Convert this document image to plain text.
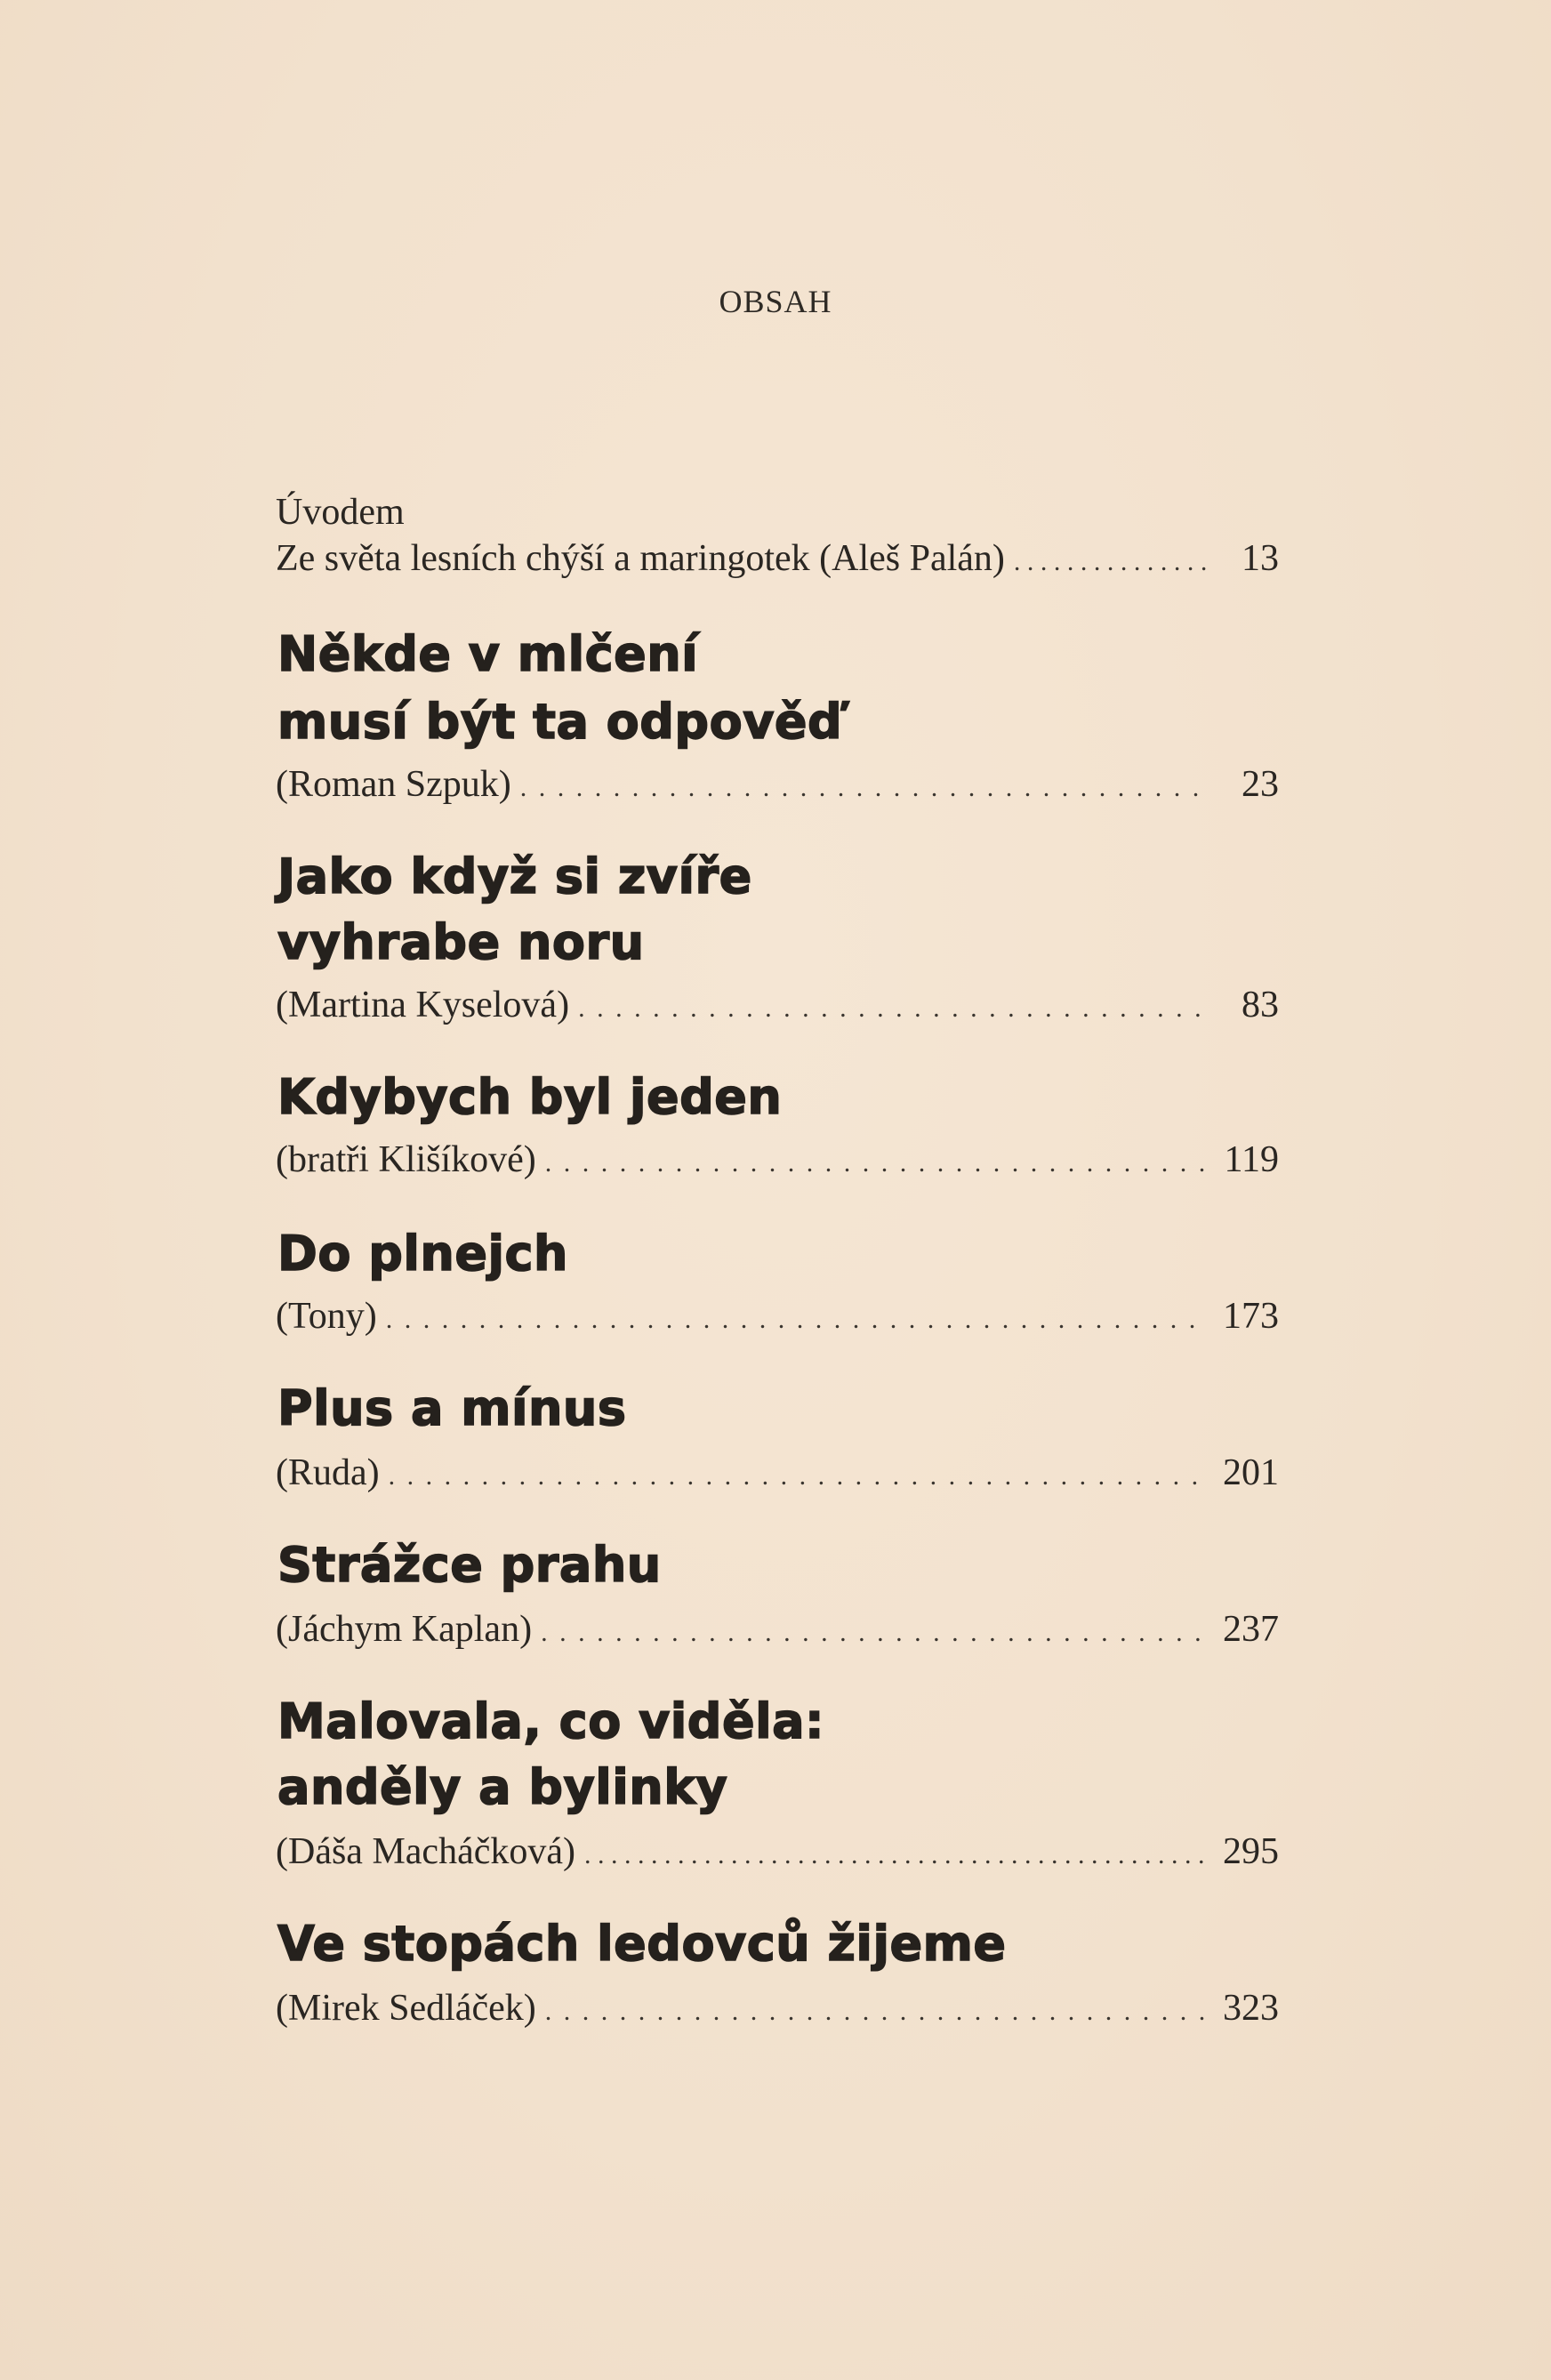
OBSAH
Úvodem
Ze světa lesních chýší a maringotek (Aleš Palán) . . .	13
Někde v mlčení
musí být ta odpověď
(Roman Szpuk) . . .	23
Jako když si zvíře
vyhrabe noru
(Martina Kyselová) . . .	83
Kdybych byl jeden
(bratři Klišíkové) . . .	119
Do plnejch
(Tony) . . .	173
Plus a mínus
(Ruda) . . .	201
Strážce prahu
(Jáchym Kaplan) . . .	237
Malovala, co viděla:
anděly a bylinky
(Dáša Macháčková) . . .	295
Ve stopách ledovců žijeme
(Mirek Sedláček) . . .	323
